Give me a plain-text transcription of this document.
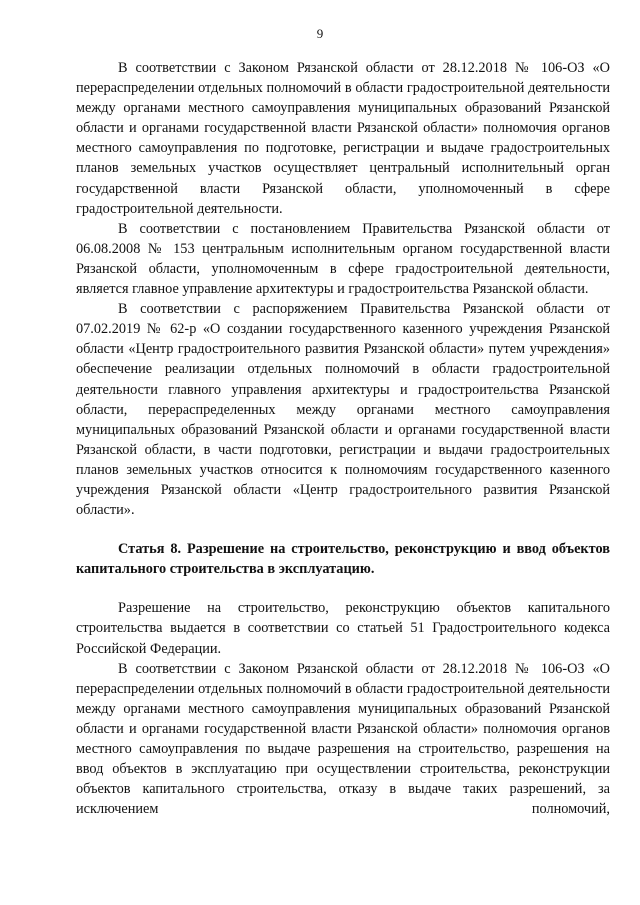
9

В соответствии с Законом Рязанской области от 28.12.2018 № 106-ОЗ «О перераспределении отдельных полномочий в области градостроительной деятельности между органами местного самоуправления муниципальных образований Рязанской области и органами государственной власти Рязанской области» полномочия органов местного самоуправления по подготовке, регистрации и выдаче градостроительных планов земельных участков осуществляет центральный исполнительный орган государственной власти Рязанской области, уполномоченный в сфере градостроительной деятельности.

В соответствии с постановлением Правительства Рязанской области от 06.08.2008 № 153 центральным исполнительным органом государственной власти Рязанской области, уполномоченным в сфере градостроительной деятельности, является главное управление архитектуры и градостроительства Рязанской области.

В соответствии с распоряжением Правительства Рязанской области от 07.02.2019 № 62-р «О создании государственного казенного учреждения Рязанской области «Центр градостроительного развития Рязанской области» путем учреждения» обеспечение реализации отдельных полномочий в области градостроительной деятельности главного управления архитектуры и градостроительства Рязанской области, перераспределенных между органами местного самоуправления муниципальных образований Рязанской области и органами государственной власти Рязанской области, в части подготовки, регистрации и выдачи градостроительных планов земельных участков относится к полномочиям государственного казенного учреждения Рязанской области «Центр градостроительного развития Рязанской области».

Статья 8. Разрешение на строительство, реконструкцию и ввод объектов капитального строительства в эксплуатацию.

Разрешение на строительство, реконструкцию объектов капитального строительства выдается в соответствии со статьей 51 Градостроительного кодекса Российской Федерации.

В соответствии с Законом Рязанской области от 28.12.2018 № 106-ОЗ «О перераспределении отдельных полномочий в области градостроительной деятельности между органами местного самоуправления муниципальных образований Рязанской области и органами государственной власти Рязанской области» полномочия органов местного самоуправления по выдаче разрешения на строительство, разрешения на ввод объектов в эксплуатацию при осуществлении строительства, реконструкции объектов капитального строительства, отказу в выдаче таких разрешений, за исключением полномочий,
